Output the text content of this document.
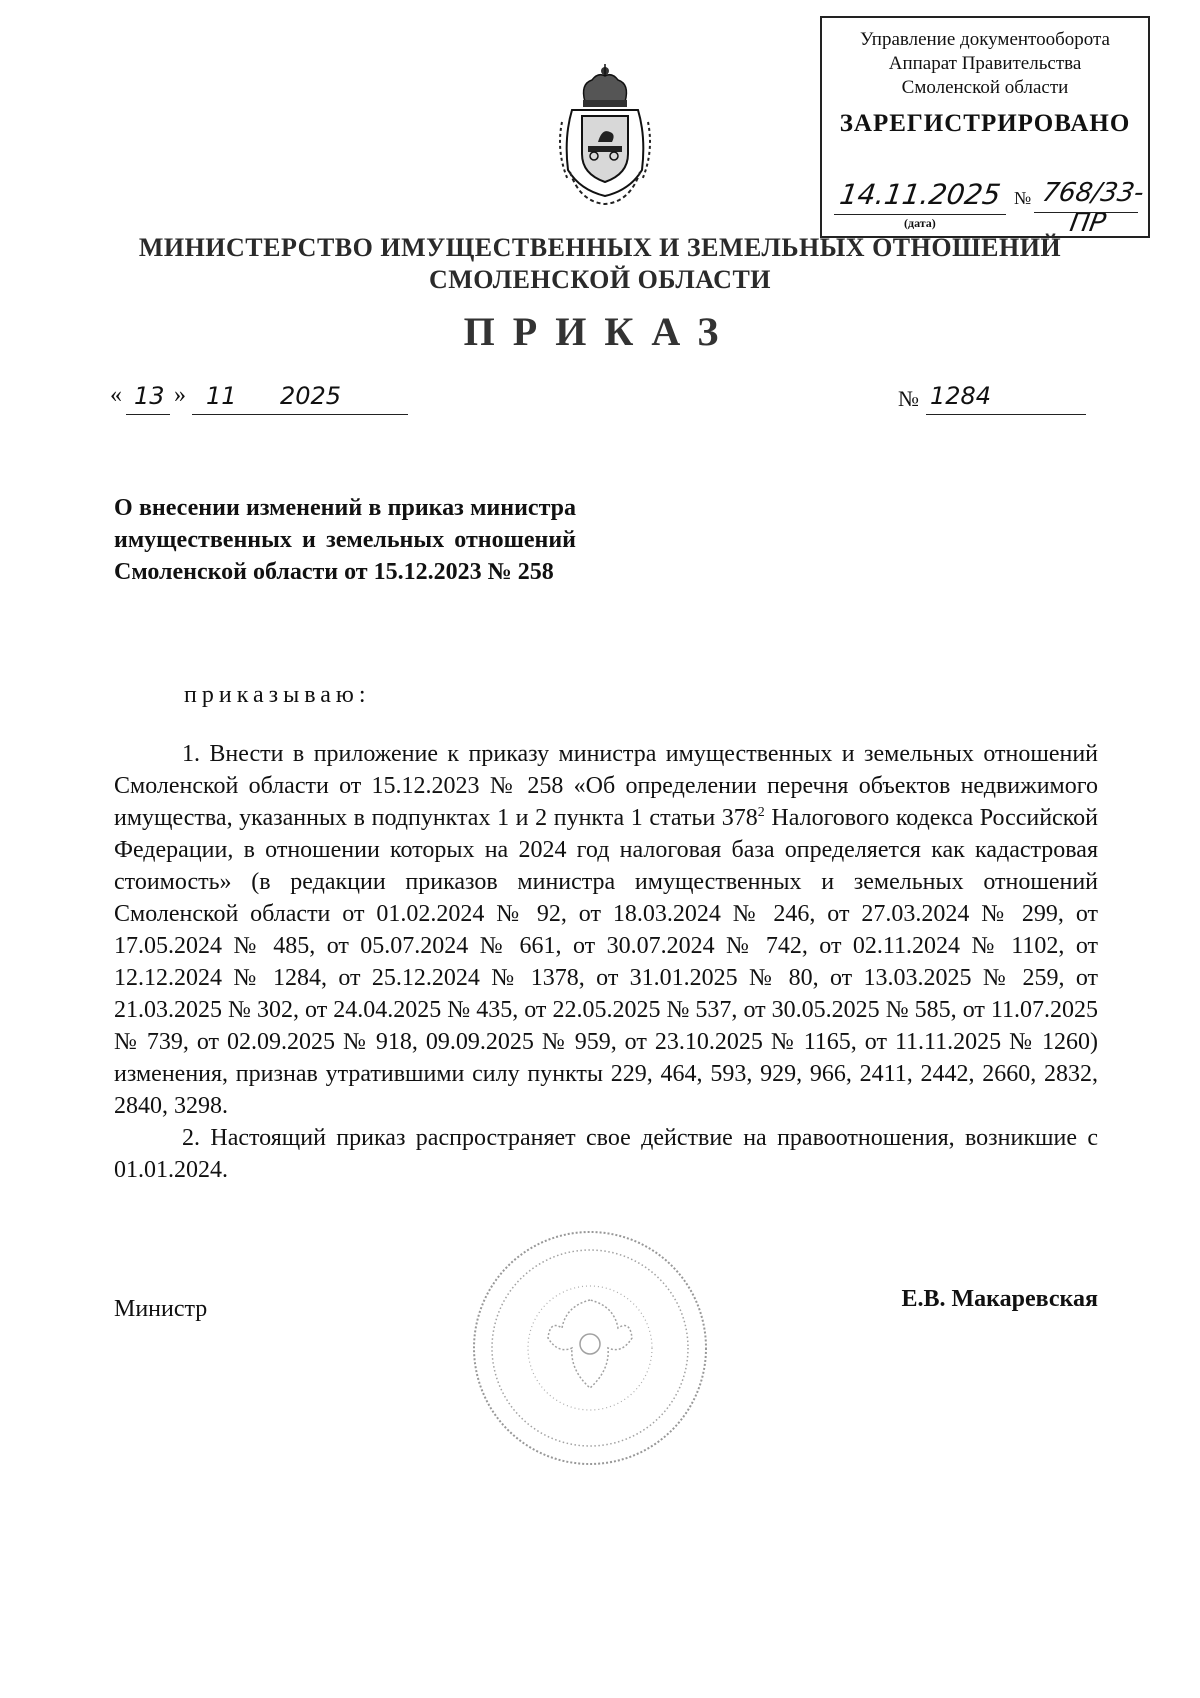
Управление документооборота
Аппарат Правительства
Смоленской области
ЗАРЕГИСТРИРОВАНО
14.11.2025 № 768/33-ПР
(дата)
МИНИСТЕРСТВО ИМУЩЕСТВЕННЫХ И ЗЕМЕЛЬНЫХ ОТНОШЕНИЙ
СМОЛЕНСКОЙ ОБЛАСТИ
ПРИКАЗ
« 13 » 11 2025	№ 1284
О внесении изменений в приказ министра имущественных и земельных отношений Смоленской области от 15.12.2023 № 258
приказываю:

1. Внести в приложение к приказу министра имущественных и земельных отношений Смоленской области от 15.12.2023 № 258 «Об определении перечня объектов недвижимого имущества, указанных в подпунктах 1 и 2 пункта 1 статьи $378^2$ Налогового кодекса Российской Федерации, в отношении которых на 2024 год налоговая база определяется как кадастровая стоимость» (в редакции приказов министра имущественных и земельных отношений Смоленской области от 01.02.2024 № 92, от 18.03.2024 № 246, от 27.03.2024 № 299, от 17.05.2024 № 485, от 05.07.2024 № 661, от 30.07.2024 № 742, от 02.11.2024 № 1102, от 12.12.2024 № 1284, от 25.12.2024 № 1378, от 31.01.2025 № 80, от 13.03.2025 № 259, от 21.03.2025 № 302, от 24.04.2025 № 435, от 22.05.2025 № 537, от 30.05.2025 № 585, от 11.07.2025 № 739, от 02.09.2025 № 918, 09.09.2025 № 959, от 23.10.2025 № 1165, от 11.11.2025 № 1260) изменения, признав утратившими силу пункты 229, 464, 593, 929, 966, 2411, 2442, 2660, 2832, 2840, 3298.

2. Настоящий приказ распространяет свое действие на правоотношения, возникшие с 01.01.2024.

Министр	Е.В. Макаревская
